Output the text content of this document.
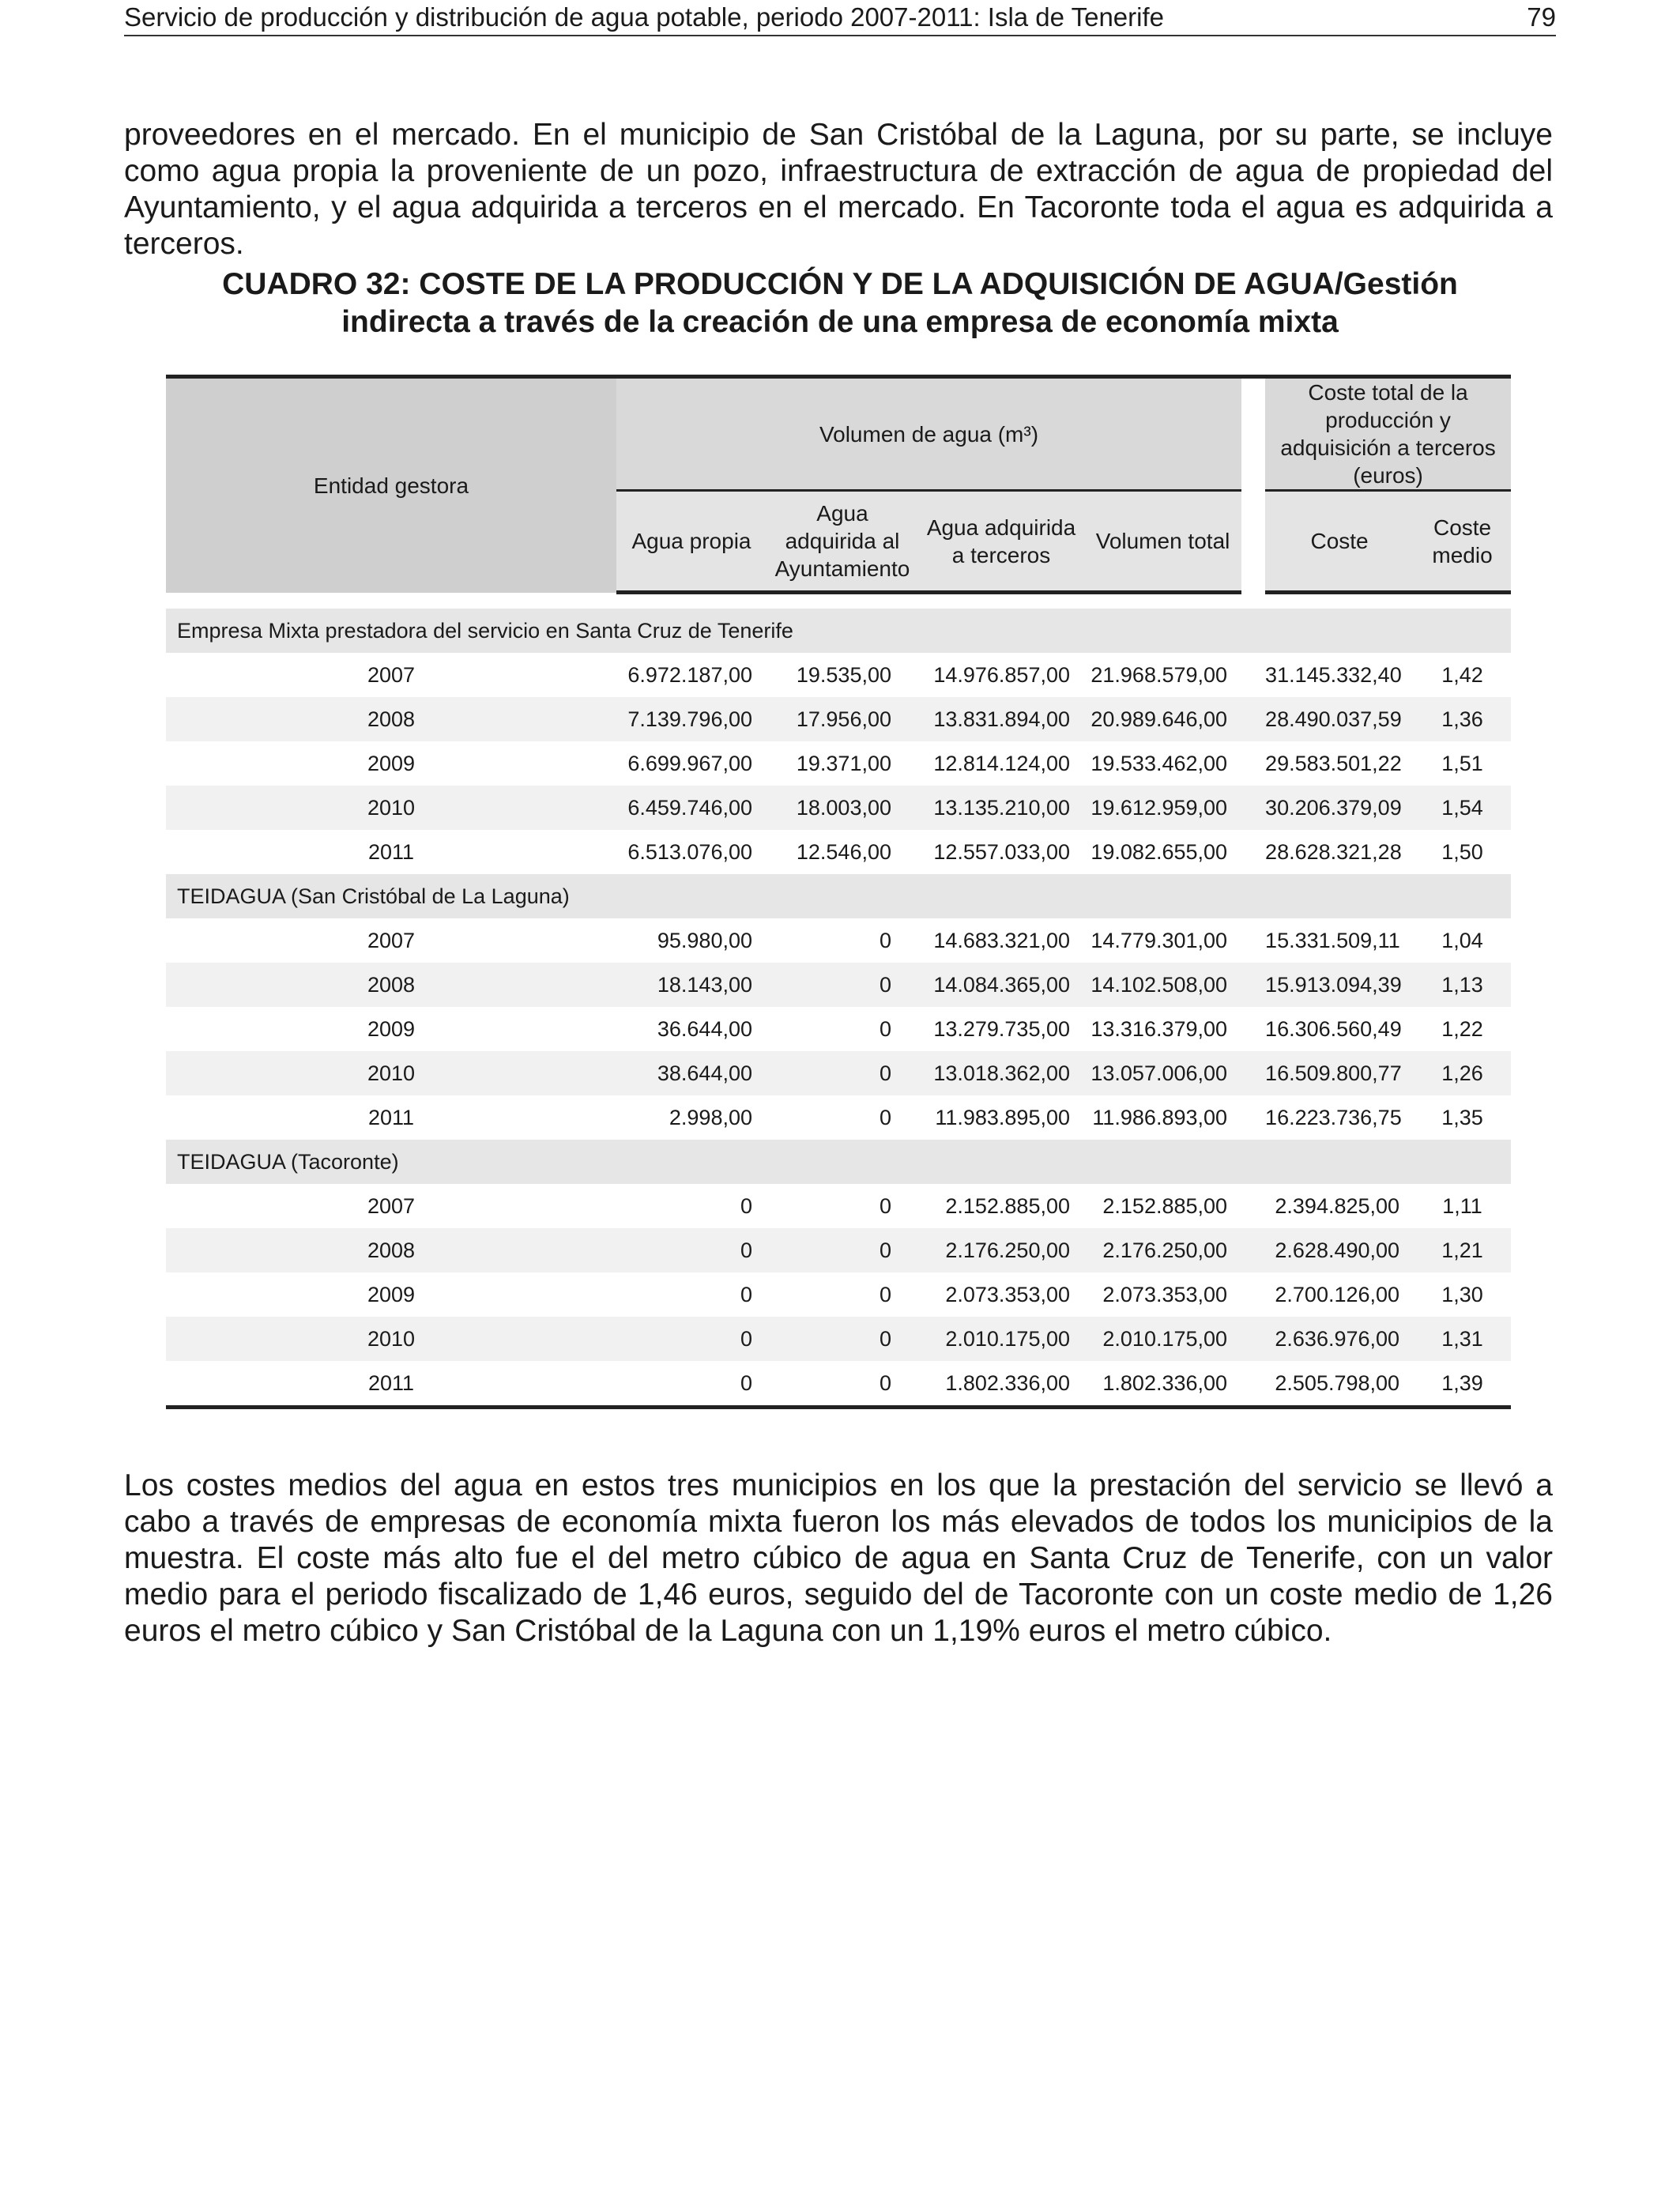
Servicio de producción y distribución de agua potable, periodo 2007-2011: Isla de Tenerife	79

proveedores en el mercado. En el municipio de San Cristóbal de la Laguna, por su parte, se incluye como agua propia la proveniente de un pozo, infraestructura de extracción de agua de propiedad del Ayuntamiento, y el agua adquirida a terceros en el mercado. En Tacoronte toda el agua es adquirida a terceros.

CUADRO 32: COSTE DE LA PRODUCCIÓN Y DE LA ADQUISICIÓN DE AGUA/Gestión
indirecta a través de la creación de una empresa de economía mixta
Entidad gestora	Volumen de agua (m³)					Coste total de la producción y adquisición a terceros (euros)	
	Agua propia	Agua adquirida al Ayuntamiento	Agua adquirida a terceros	Volumen total		Coste	Coste medio

Empresa Mixta prestadora del servicio en Santa Cruz de Tenerife							
2007	6.972.187,00	19.535,00	14.976.857,00	21.968.579,00		31.145.332,40	1,42
2008	7.139.796,00	17.956,00	13.831.894,00	20.989.646,00		28.490.037,59	1,36
2009	6.699.967,00	19.371,00	12.814.124,00	19.533.462,00		29.583.501,22	1,51
2010	6.459.746,00	18.003,00	13.135.210,00	19.612.959,00		30.206.379,09	1,54
2011	6.513.076,00	12.546,00	12.557.033,00	19.082.655,00		28.628.321,28	1,50
TEIDAGUA (San Cristóbal de La Laguna)							
2007	95.980,00	0	14.683.321,00	14.779.301,00		15.331.509,11	1,04
2008	18.143,00	0	14.084.365,00	14.102.508,00		15.913.094,39	1,13
2009	36.644,00	0	13.279.735,00	13.316.379,00		16.306.560,49	1,22
2010	38.644,00	0	13.018.362,00	13.057.006,00		16.509.800,77	1,26
2011	2.998,00	0	11.983.895,00	11.986.893,00		16.223.736,75	1,35
TEIDAGUA (Tacoronte)							
2007	0	0	2.152.885,00	2.152.885,00		2.394.825,00	1,11
2008	0	0	2.176.250,00	2.176.250,00		2.628.490,00	1,21
2009	0	0	2.073.353,00	2.073.353,00		2.700.126,00	1,30
2010	0	0	2.010.175,00	2.010.175,00		2.636.976,00	1,31
2011	0	0	1.802.336,00	1.802.336,00		2.505.798,00	1,39

Los costes medios del agua en estos tres municipios en los que la prestación del servicio se llevó a cabo a través de empresas de economía mixta fueron los más elevados de todos los municipios de la muestra. El coste más alto fue el del metro cúbico de agua en Santa Cruz de Tenerife, con un valor medio para el periodo fiscalizado de 1,46 euros, seguido del de Tacoronte con un coste medio de 1,26 euros el metro cúbico y San Cristóbal de la Laguna con un 1,19% euros el metro cúbico.
